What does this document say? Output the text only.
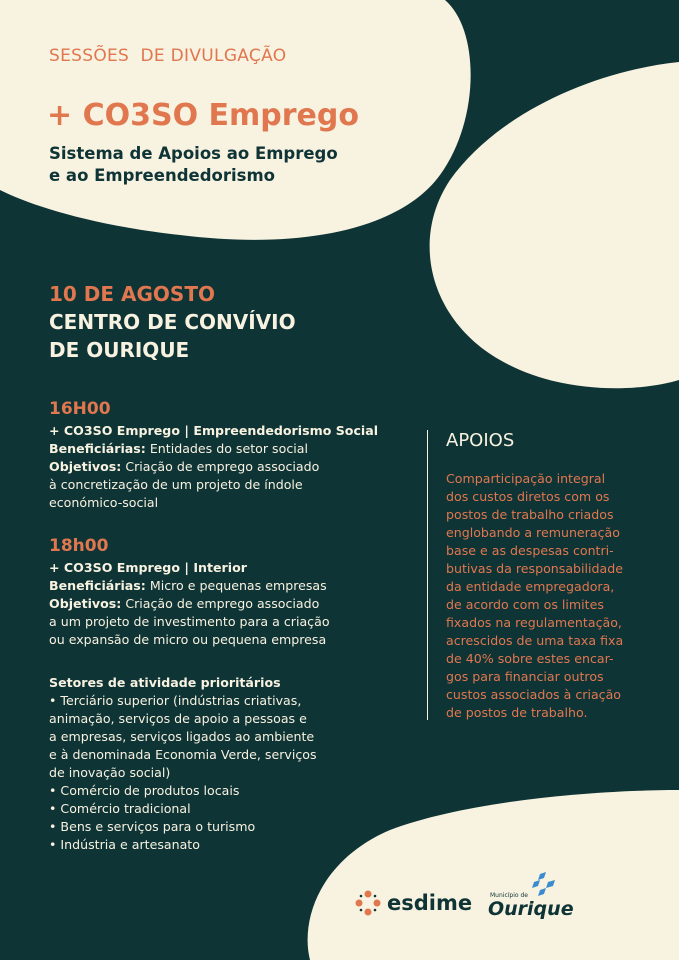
SESSÕES  DE DIVULGAÇÃO
+ CO3SO Emprego
Sistema de Apoios ao Emprego
e ao Empreendedorismo
10 DE AGOSTO
CENTRO DE CONVÍVIO
DE OURIQUE
16H00
+ CO3SO Emprego | Empreendedorismo Social
Beneficiárias: Entidades do setor social
Objetivos: Criação de emprego associado
à concretização de um projeto de índole
económico-social
18h00
+ CO3SO Emprego | Interior
Beneficiárias: Micro e pequenas empresas
Objetivos: Criação de emprego associado
a um projeto de investimento para a criação
ou expansão de micro ou pequena empresa
Setores de atividade prioritários
• Terciário superior (indústrias criativas,
animação, serviços de apoio a pessoas e
a empresas, serviços ligados ao ambiente
e à denominada Economia Verde, serviços
de inovação social)
• Comércio de produtos locais
• Comércio tradicional
• Bens e serviços para o turismo
• Indústria e artesanato
APOIOS
Comparticipação integral
dos custos diretos com os
postos de trabalho criados
englobando a remuneração
base e as despesas contri-
butivas da responsabilidade
da entidade empregadora,
de acordo com os limites
fixados na regulamentação,
acrescidos de uma taxa fixa
de 40% sobre estes encar-
gos para financiar outros
custos associados à criação
de postos de trabalho.
esdime.pt	esdime	Município de
Ourique
